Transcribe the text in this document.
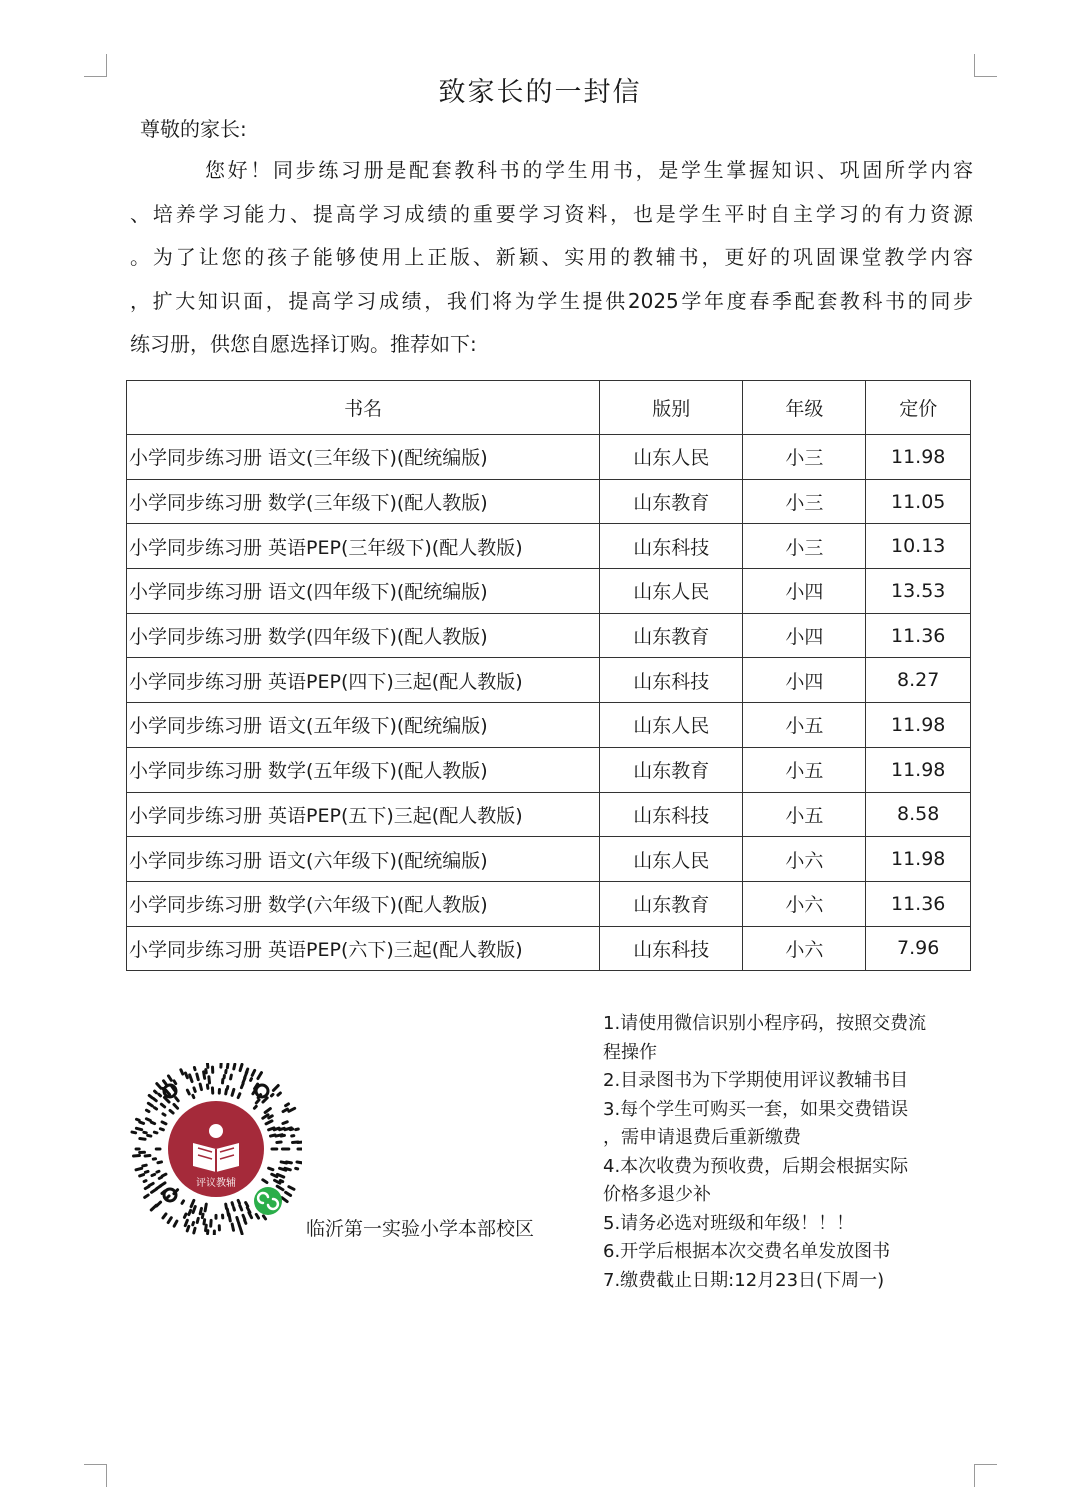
致家长的一封信
尊敬的家长:
您好！同步练习册是配套教科书的学生用书，是学生掌握知识、巩固所学内容
、培养学习能力、提高学习成绩的重要学习资料，也是学生平时自主学习的有力资源
。为了让您的孩子能够使用上正版、新颖、实用的教辅书，更好的巩固课堂教学内容
，扩大知识面，提高学习成绩，我们将为学生提供2025学年度春季配套教科书的同步
练习册，供您自愿选择订购。推荐如下:
书名	版别	年级	定价
小学同步练习册 语文(三年级下)(配统编版)	山东人民	小三	11.98
小学同步练习册 数学(三年级下)(配人教版)	山东教育	小三	11.05
小学同步练习册 英语PEP(三年级下)(配人教版)	山东科技	小三	10.13
小学同步练习册 语文(四年级下)(配统编版)	山东人民	小四	13.53
小学同步练习册 数学(四年级下)(配人教版)	山东教育	小四	11.36
小学同步练习册 英语PEP(四下)三起(配人教版)	山东科技	小四	8.27
小学同步练习册 语文(五年级下)(配统编版)	山东人民	小五	11.98
小学同步练习册 数学(五年级下)(配人教版)	山东教育	小五	11.98
小学同步练习册 英语PEP(五下)三起(配人教版)	山东科技	小五	8.58
小学同步练习册 语文(六年级下)(配统编版)	山东人民	小六	11.98
小学同步练习册 数学(六年级下)(配人教版)	山东教育	小六	11.36
小学同步练习册 英语PEP(六下)三起(配人教版)	山东科技	小六	7.96
评议教辅
临沂第一实验小学本部校区
1.请使用微信识别小程序码，按照交费流
程操作
2.目录图书为下学期使用评议教辅书目
3.每个学生可购买一套，如果交费错误
，需申请退费后重新缴费
4.本次收费为预收费，后期会根据实际
价格多退少补
5.请务必选对班级和年级！！！
6.开学后根据本次交费名单发放图书
7.缴费截止日期:12月23日(下周一)
